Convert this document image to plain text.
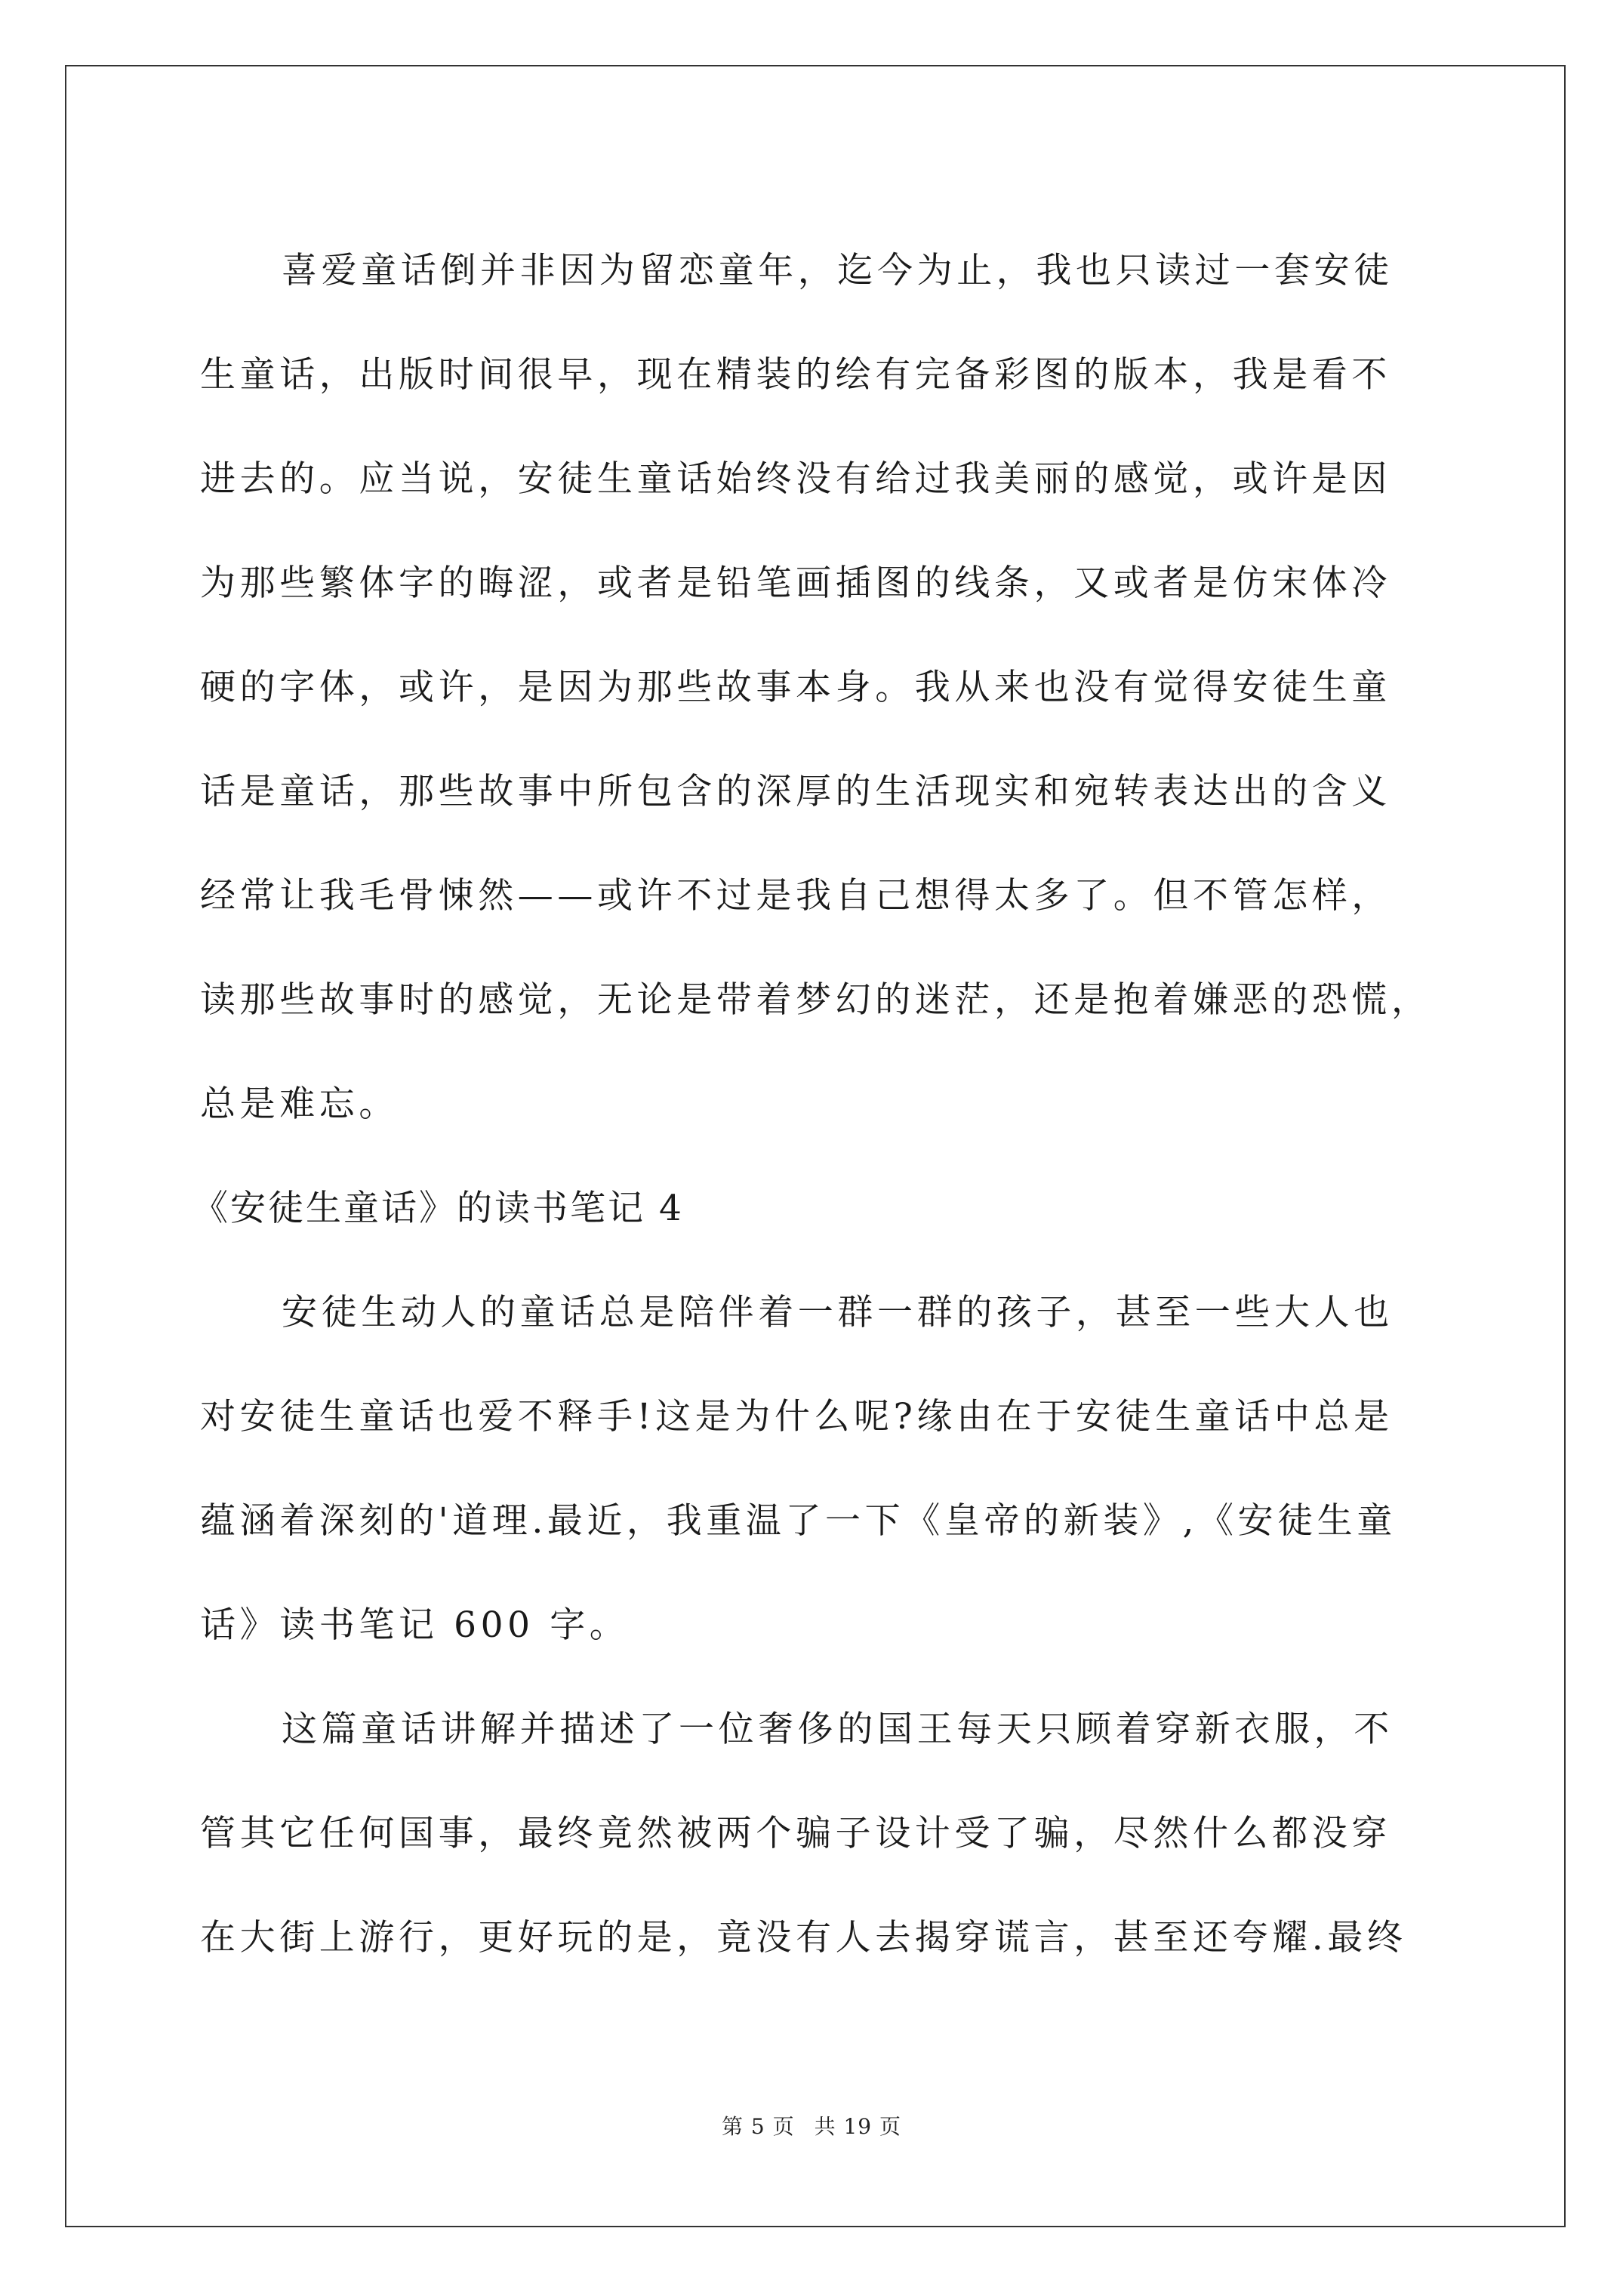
喜爱童话倒并非因为留恋童年，迄今为止，我也只读过一套安徒
生童话，出版时间很早，现在精装的绘有完备彩图的版本，我是看不
进去的。应当说，安徒生童话始终没有给过我美丽的感觉，或许是因
为那些繁体字的晦涩，或者是铅笔画插图的线条，又或者是仿宋体冷
硬的字体，或许，是因为那些故事本身。我从来也没有觉得安徒生童
话是童话，那些故事中所包含的深厚的生活现实和宛转表达出的含义
经常让我毛骨悚然——或许不过是我自己想得太多了。但不管怎样，
读那些故事时的感觉，无论是带着梦幻的迷茫，还是抱着嫌恶的恐慌，
总是难忘。
《安徒生童话》的读书笔记 4
安徒生动人的童话总是陪伴着一群一群的孩子，甚至一些大人也
对安徒生童话也爱不释手!这是为什么呢?缘由在于安徒生童话中总是
蕴涵着深刻的'道理.最近，我重温了一下《皇帝的新装》,《安徒生童
话》读书笔记 600 字。
这篇童话讲解并描述了一位奢侈的国王每天只顾着穿新衣服，不
管其它任何国事，最终竟然被两个骗子设计受了骗，尽然什么都没穿
在大街上游行，更好玩的是，竟没有人去揭穿谎言，甚至还夸耀.最终
第 5 页 共 19 页
